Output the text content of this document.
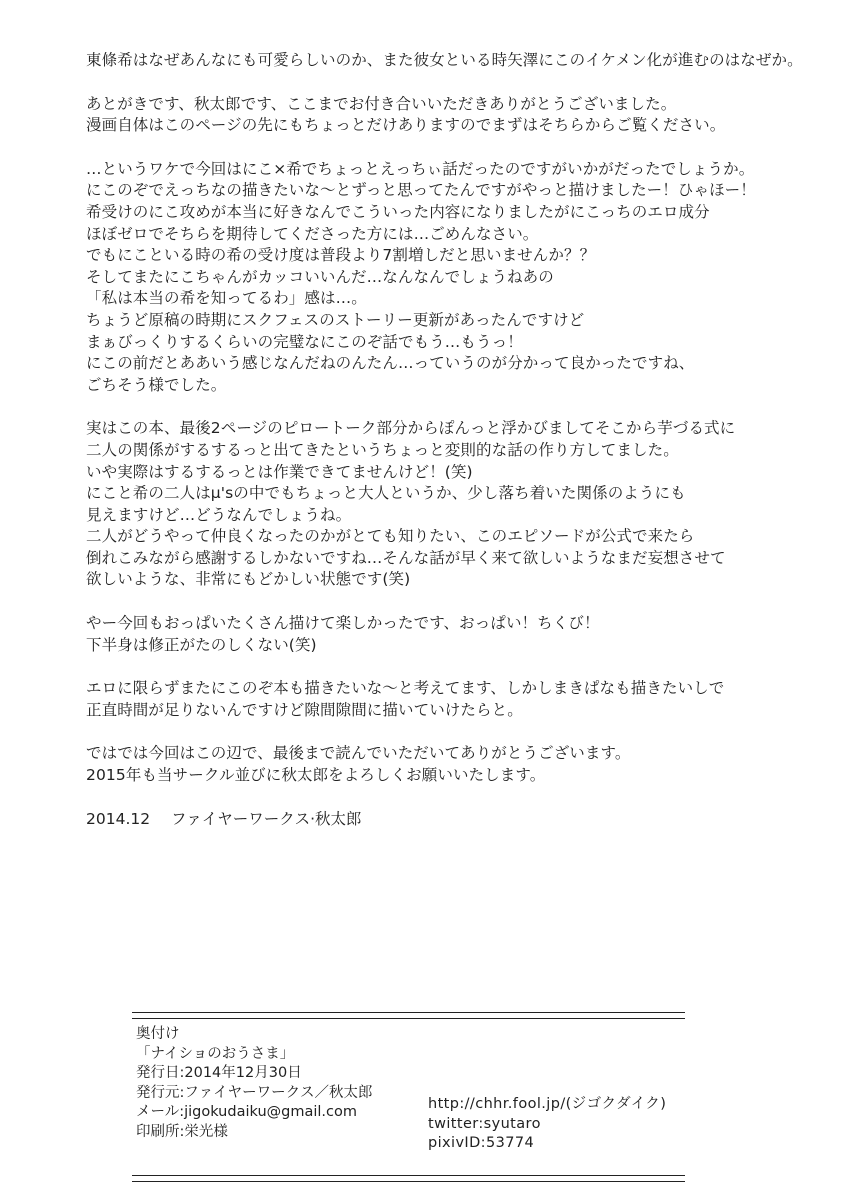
東條希はなぜあんなにも可愛らしいのか、また彼女といる時矢澤にこのイケメン化が進むのはなぜか。
あとがきです、秋太郎です、ここまでお付き合いいただきありがとうございました。
漫画自体はこのページの先にもちょっとだけありますのでまずはそちらからご覧ください。
…というワケで今回はにこ×希でちょっとえっちぃ話だったのですがいかがだったでしょうか。
にこのぞでえっちなの描きたいな〜とずっと思ってたんですがやっと描けましたー！ひゃほー！
希受けのにこ攻めが本当に好きなんでこういった内容になりましたがにこっちのエロ成分
ほぼゼロでそちらを期待してくださった方には…ごめんなさい。
でもにこといる時の希の受け度は普段より7割増しだと思いませんか？？
そしてまたにこちゃんがカッコいいんだ…なんなんでしょうねあの
「私は本当の希を知ってるわ」感は…。
ちょうど原稿の時期にスクフェスのストーリー更新があったんですけど
まぁびっくりするくらいの完璧なにこのぞ話でもう…もうっ！
にこの前だとああいう感じなんだねのんたん…っていうのが分かって良かったですね、
ごちそう様でした。
実はこの本、最後2ページのピロートーク部分からぽんっと浮かびましてそこから芋づる式に
二人の関係がするするっと出てきたというちょっと変則的な話の作り方してました。
いや実際はするするっとは作業できてませんけど！(笑)
にこと希の二人はμ'sの中でもちょっと大人というか、少し落ち着いた関係のようにも
見えますけど…どうなんでしょうね。
二人がどうやって仲良くなったのかがとても知りたい、このエピソードが公式で来たら
倒れこみながら感謝するしかないですね…そんな話が早く来て欲しいようなまだ妄想させて
欲しいような、非常にもどかしい状態です(笑)
やー今回もおっぱいたくさん描けて楽しかったです、おっぱい！ちくび！
下半身は修正がたのしくない(笑)
エロに限らずまたにこのぞ本も描きたいな〜と考えてます、しかしまきぱなも描きたいしで
正直時間が足りないんですけど隙間隙間に描いていけたらと。
ではでは今回はこの辺で、最後まで読んでいただいてありがとうございます。
2015年も当サークル並びに秋太郎をよろしくお願いいたします。
2014.12 ファイヤーワークス·秋太郎
奥付け
「ナイショのおうさま」
発行日:2014年12月30日
発行元:ファイヤーワークス／秋太郎
メール:jigokudaiku@gmail.com
印刷所:栄光様
http://chhr.fool.jp/(ジゴクダイク)
twitter:syutaro
pixivID:53774
